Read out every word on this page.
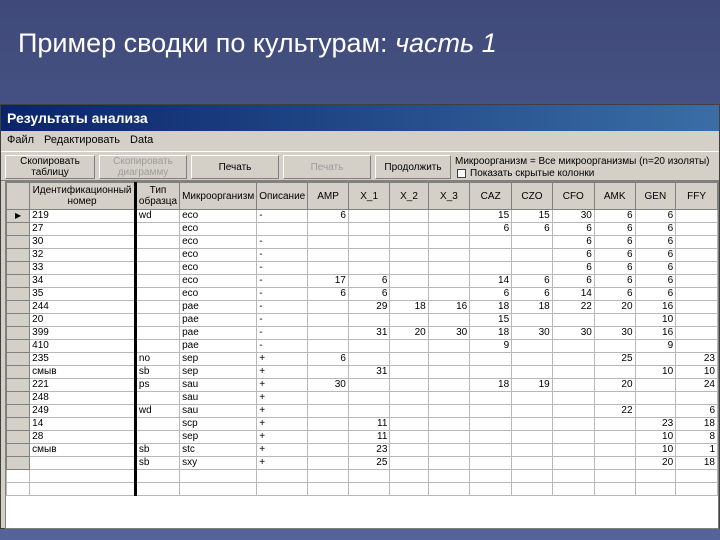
Пример сводки по культурам: часть 1
Результаты анализа
Файл Редактировать Data
Скопировать таблицу
Скопировать диаграмму	Печать	Печать	Продолжить	Микроорганизм = Все микроорганизмы (n=20 изоляты)
Показать скрытые колонки
	Идентификационный номер	Тип образца	Микроорганизм	Описание	AMP	X_1	X_2	X_3	CAZ	CZO	CFO	AMK	GEN	FFY
▶	219	wd	eco	-	6				15	15	30	6	6	
	27		eco						6	6	6	6	6	
	30		eco	-							6	6	6	
	32		eco	-							6	6	6	
	33		eco	-							6	6	6	
	34		eco	-	17	6			14	6	6	6	6	
	35		eco	-	6	6			6	6	14	6	6	
	244		pae	-		29	18	16	18	18	22	20	16	
	20		pae	-					15				10	
	399		pae	-		31	20	30	18	30	30	30	16	
	410		pae	-					9				9	
	235	no	sep	+	6							25		23
	смыв	sb	sep	+		31							10	10
	221	ps	sau	+	30				18	19		20		24
	248		sau	+										
	249	wd	sau	+								22		6
	14		scp	+		11							23	18
	28		sep	+		11							10	8
	смыв	sb	stc	+		23							10	1
		sb	sxy	+		25							20	18
